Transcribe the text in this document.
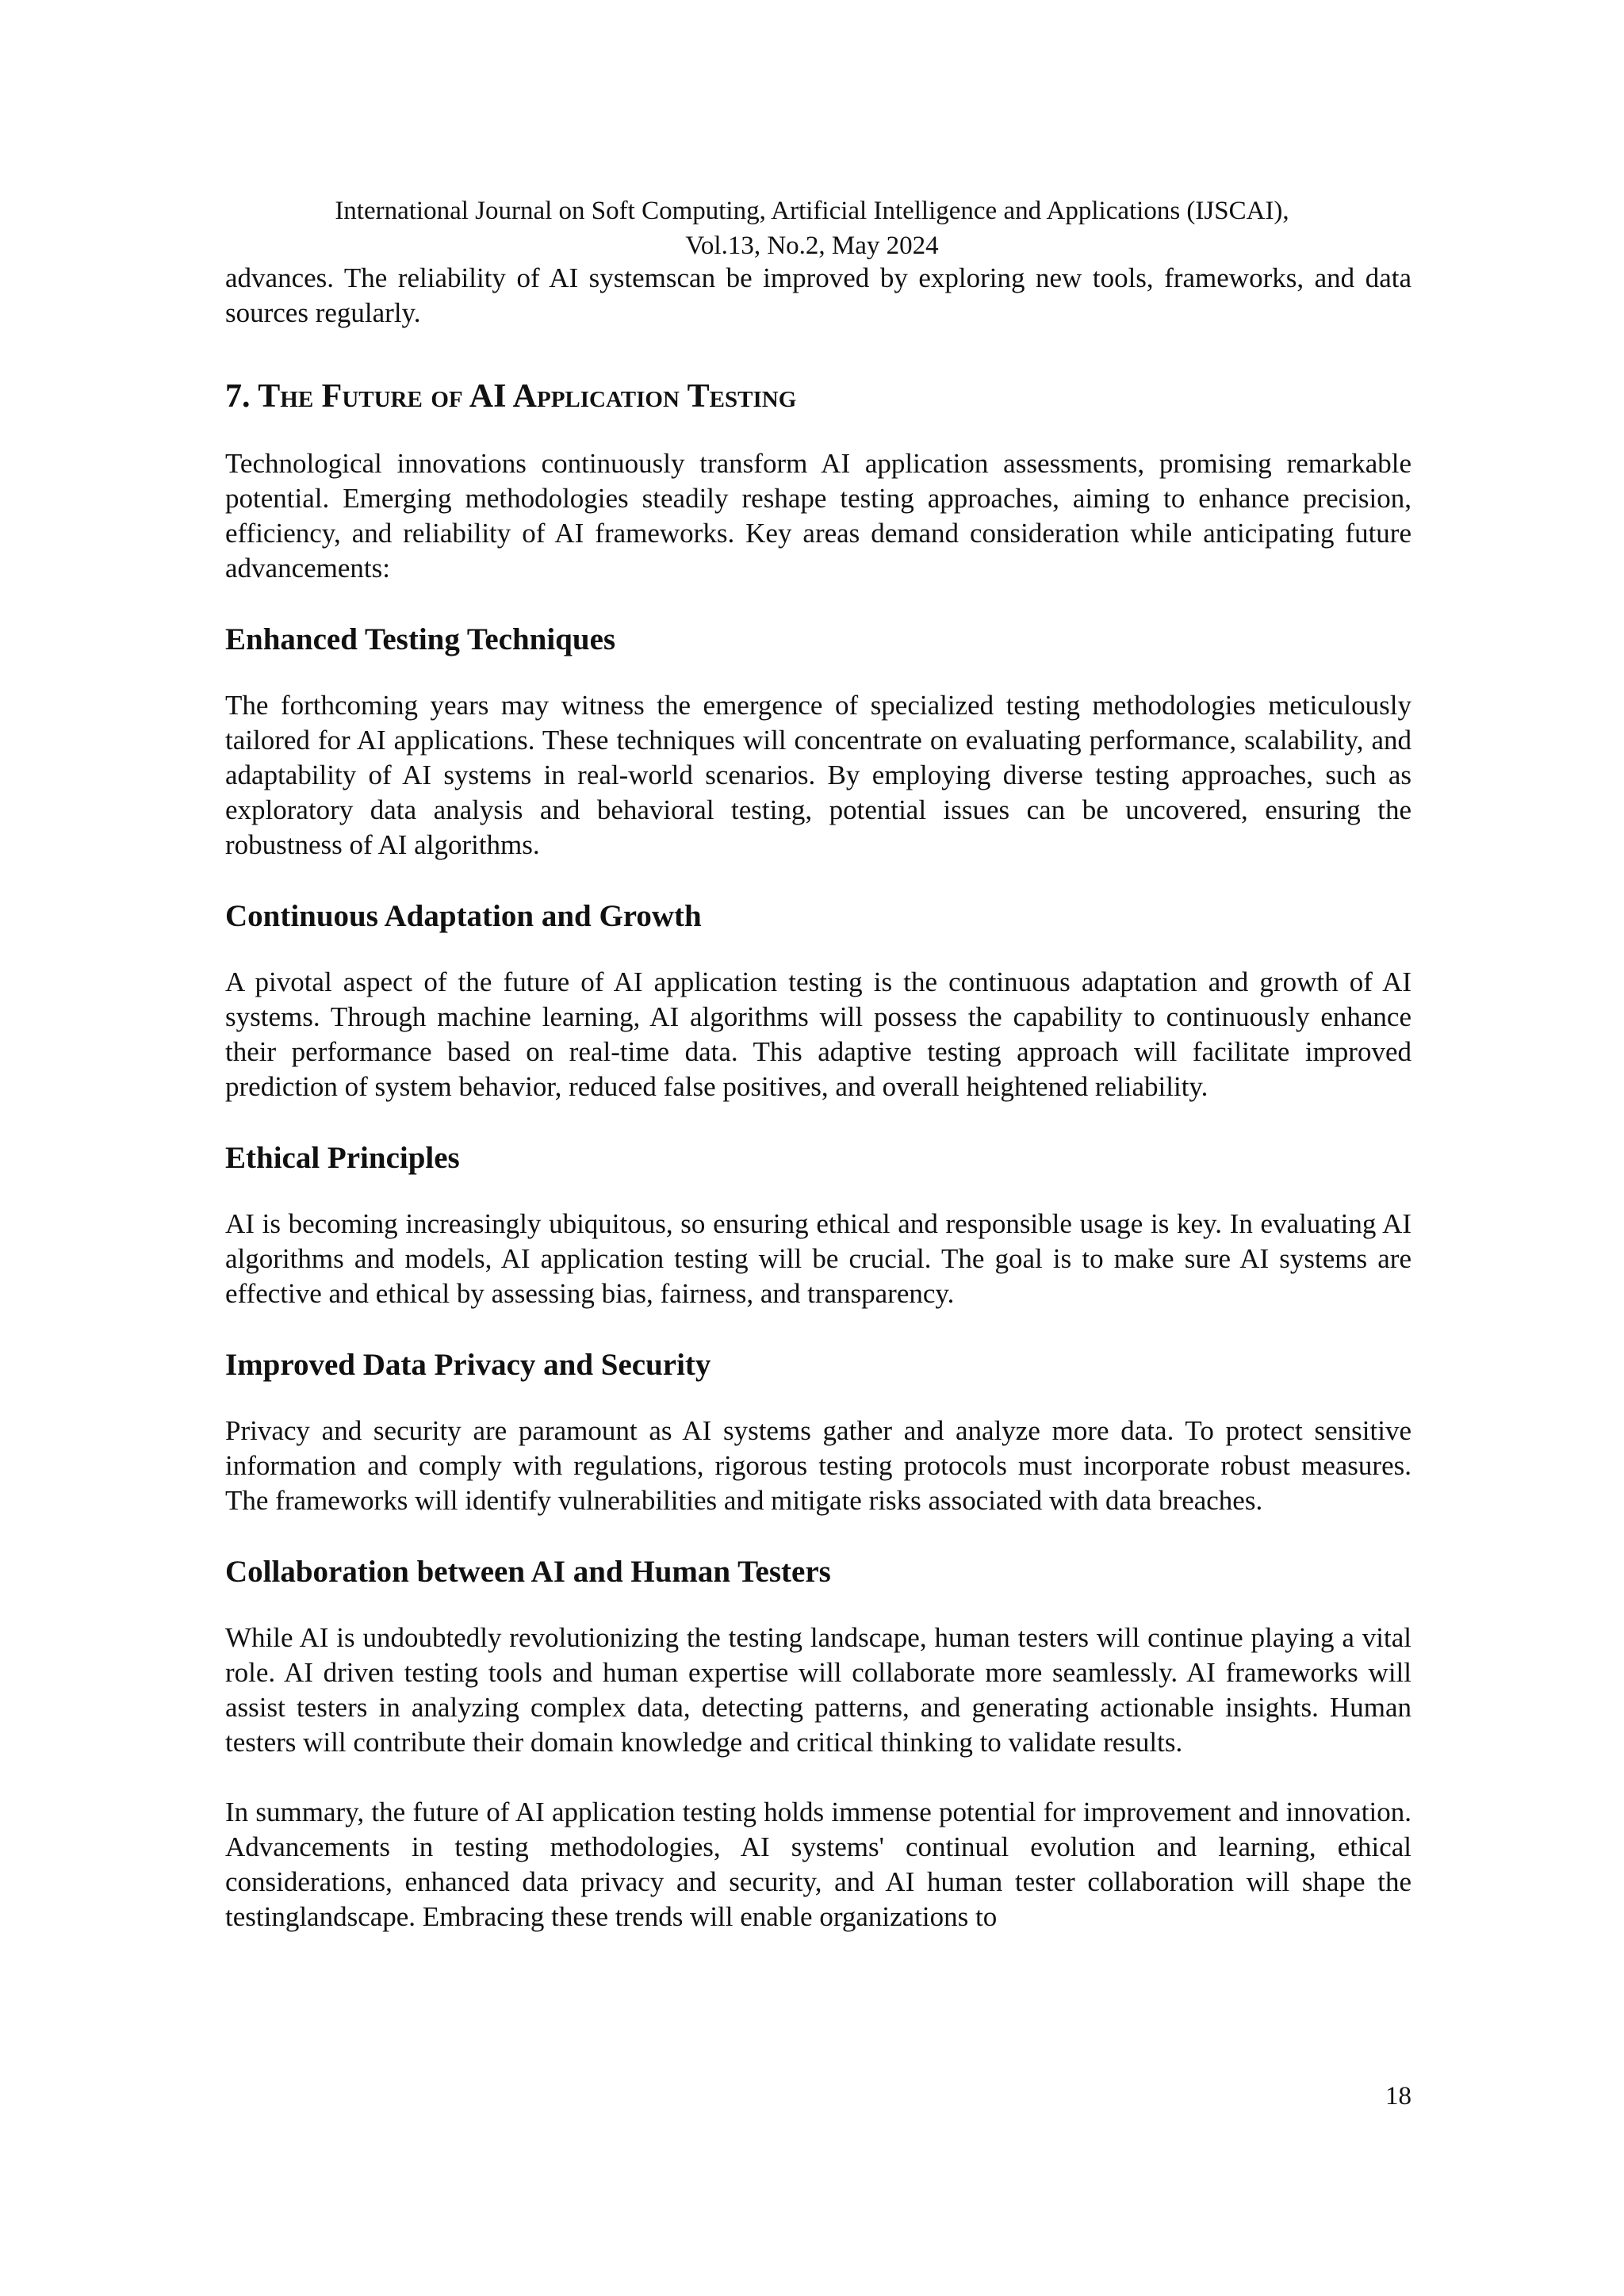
International Journal on Soft Computing, Artificial Intelligence and Applications (IJSCAI),
Vol.13, No.2, May 2024

advances. The reliability of AI systemscan be improved by exploring new tools, frameworks, and data sources regularly.

7. The Future of AI Application Testing

Technological innovations continuously transform AI application assessments, promising remarkable potential. Emerging methodologies steadily reshape testing approaches, aiming to enhance precision, efficiency, and reliability of AI frameworks. Key areas demand consideration while anticipating future advancements:

Enhanced Testing Techniques

The forthcoming years may witness the emergence of specialized testing methodologies meticulously tailored for AI applications. These techniques will concentrate on evaluating performance, scalability, and adaptability of AI systems in real-world scenarios. By employing diverse testing approaches, such as exploratory data analysis and behavioral testing, potential issues can be uncovered, ensuring the robustness of AI algorithms.

Continuous Adaptation and Growth

A pivotal aspect of the future of AI application testing is the continuous adaptation and growth of AI systems. Through machine learning, AI algorithms will possess the capability to continuously enhance their performance based on real-time data. This adaptive testing approach will facilitate improved prediction of system behavior, reduced false positives, and overall heightened reliability.

Ethical Principles

AI is becoming increasingly ubiquitous, so ensuring ethical and responsible usage is key. In evaluating AI algorithms and models, AI application testing will be crucial. The goal is to make sure AI systems are effective and ethical by assessing bias, fairness, and transparency.

Improved Data Privacy and Security

Privacy and security are paramount as AI systems gather and analyze more data. To protect sensitive information and comply with regulations, rigorous testing protocols must incorporate robust measures. The frameworks will identify vulnerabilities and mitigate risks associated with data breaches.

Collaboration between AI and Human Testers

While AI is undoubtedly revolutionizing the testing landscape, human testers will continue playing a vital role. AI driven testing tools and human expertise will collaborate more seamlessly. AI frameworks will assist testers in analyzing complex data, detecting patterns, and generating actionable insights. Human testers will contribute their domain knowledge and critical thinking to validate results.

In summary, the future of AI application testing holds immense potential for improvement and innovation. Advancements in testing methodologies, AI systems' continual evolution and learning, ethical considerations, enhanced data privacy and security, and AI human tester collaboration will shape the testinglandscape. Embracing these trends will enable organizations to

18
